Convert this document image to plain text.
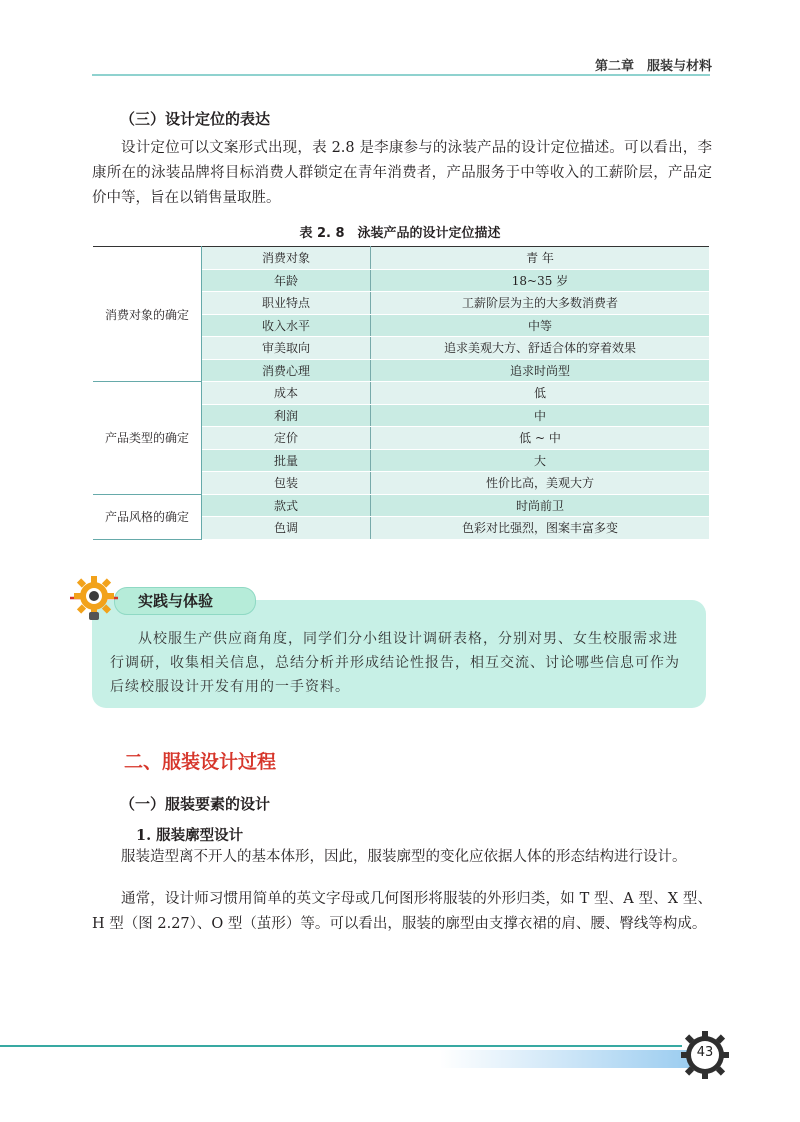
第二章　服装与材料
（三）设计定位的表达

设计定位可以文案形式出现，表 2.8 是李康参与的泳装产品的设计定位描述。可以看出，李康所在的泳装品牌将目标消费人群锁定在青年消费者，产品服务于中等收入的工薪阶层，产品定价中等，旨在以销售量取胜。

表 2. 8　泳装产品的设计定位描述
消费对象的确定	消费对象	青 年
	年龄	18~35 岁
	职业特点	工薪阶层为主的大多数消费者
	收入水平	中等
	审美取向	追求美观大方、舒适合体的穿着效果
	消费心理	追求时尚型
产品类型的确定	成本	低
	利润	中
	定价	低 ~ 中
	批量	大
	包装	性价比高，美观大方
产品风格的确定	款式	时尚前卫
	色调	色彩对比强烈，图案丰富多变
实践与体验

从校服生产供应商角度，同学们分小组设计调研表格，分别对男、女生校服需求进行调研，收集相关信息，总结分析并形成结论性报告，相互交流、讨论哪些信息可作为后续校服设计开发有用的一手资料。

二、服装设计过程
（一）服装要素的设计
1. 服装廓型设计

服装造型离不开人的基本体形，因此，服装廓型的变化应依据人体的形态结构进行设计。

通常，设计师习惯用简单的英文字母或几何图形将服装的外形归类，如 T 型、A 型、X 型、H 型（图 2.27）、O 型（茧形）等。可以看出，服装的廓型由支撑衣裙的肩、腰、臀线等构成。

43
